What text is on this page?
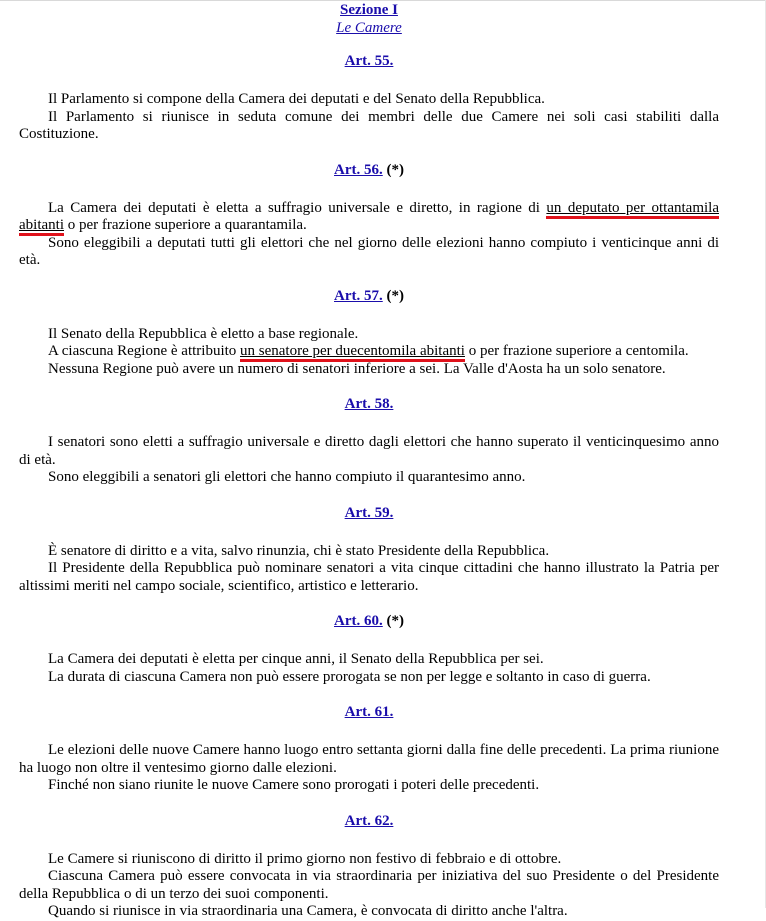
Sezione I
Le Camere
Art. 55.

Il Parlamento si compone della Camera dei deputati e del Senato della Repubblica.

Il Parlamento si riunisce in seduta comune dei membri delle due Camere nei soli casi stabiliti dalla Costituzione.

Art. 56. (*)

La Camera dei deputati è eletta a suffragio universale e diretto, in ragione di un deputato per ottantamila abitanti o per frazione superiore a quarantamila.

Sono eleggibili a deputati tutti gli elettori che nel giorno delle elezioni hanno compiuto i venticinque anni di età.

Art. 57. (*)

Il Senato della Repubblica è eletto a base regionale.

A ciascuna Regione è attribuito un senatore per duecentomila abitanti o per frazione superiore a centomila.

Nessuna Regione può avere un numero di senatori inferiore a sei. La Valle d'Aosta ha un solo senatore.

Art. 58.

I senatori sono eletti a suffragio universale e diretto dagli elettori che hanno superato il venticinquesimo anno di età.

Sono eleggibili a senatori gli elettori che hanno compiuto il quarantesimo anno.

Art. 59.

È senatore di diritto e a vita, salvo rinunzia, chi è stato Presidente della Repubblica.

Il Presidente della Repubblica può nominare senatori a vita cinque cittadini che hanno illustrato la Patria per altissimi meriti nel campo sociale, scientifico, artistico e letterario.

Art. 60. (*)

La Camera dei deputati è eletta per cinque anni, il Senato della Repubblica per sei.

La durata di ciascuna Camera non può essere prorogata se non per legge e soltanto in caso di guerra.

Art. 61.

Le elezioni delle nuove Camere hanno luogo entro settanta giorni dalla fine delle precedenti. La prima riunione ha luogo non oltre il ventesimo giorno dalle elezioni.

Finché non siano riunite le nuove Camere sono prorogati i poteri delle precedenti.

Art. 62.

Le Camere si riuniscono di diritto il primo giorno non festivo di febbraio e di ottobre.

Ciascuna Camera può essere convocata in via straordinaria per iniziativa del suo Presidente o del Presidente della Repubblica o di un terzo dei suoi componenti.

Quando si riunisce in via straordinaria una Camera, è convocata di diritto anche l'altra.
